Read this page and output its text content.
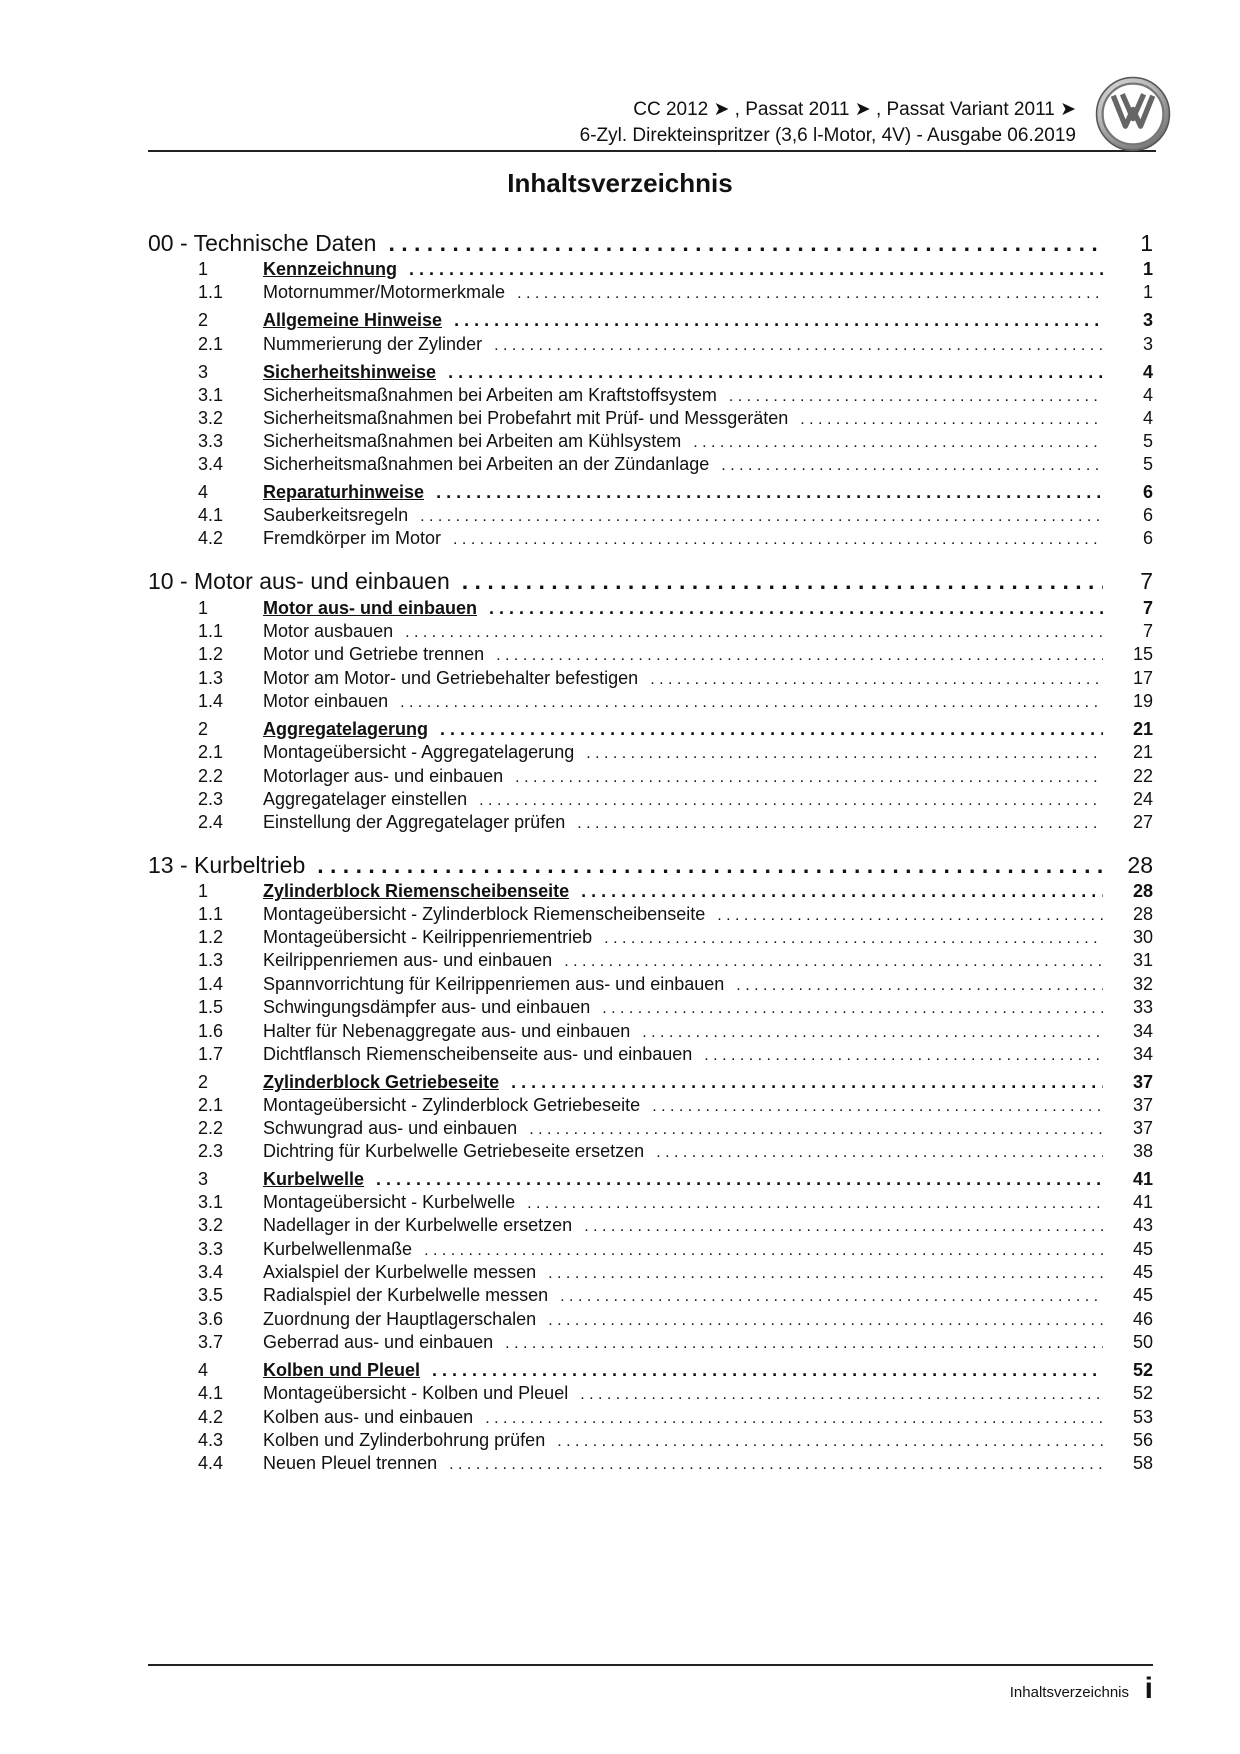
CC 2012 ➤ , Passat 2011 ➤ , Passat Variant 2011 ➤
6-Zyl. Direkteinspritzer (3,6 l-Motor, 4V) - Ausgabe 06.2019
Inhaltsverzeichnis
00 - Technische Daten . . .	1
1	Kennzeichnung . . .	1
1.1	Motornummer/Motormerkmale . . .	1
2	Allgemeine Hinweise . . .	3
2.1	Nummerierung der Zylinder . . .	3
3	Sicherheitshinweise . . .	4
3.1	Sicherheitsmaßnahmen bei Arbeiten am Kraftstoffsystem . . .	4
3.2	Sicherheitsmaßnahmen bei Probefahrt mit Prüf- und Messgeräten . . .	4
3.3	Sicherheitsmaßnahmen bei Arbeiten am Kühlsystem . . .	5
3.4	Sicherheitsmaßnahmen bei Arbeiten an der Zündanlage . . .	5
4	Reparaturhinweise . . .	6
4.1	Sauberkeitsregeln . . .	6
4.2	Fremdkörper im Motor . . .	6
10 - Motor aus- und einbauen . . .	7
1	Motor aus- und einbauen . . .	7
1.1	Motor ausbauen . . .	7
1.2	Motor und Getriebe trennen . . .	15
1.3	Motor am Motor- und Getriebehalter befestigen . . .	17
1.4	Motor einbauen . . .	19
2	Aggregatelagerung . . .	21
2.1	Montageübersicht - Aggregatelagerung . . .	21
2.2	Motorlager aus- und einbauen . . .	22
2.3	Aggregatelager einstellen . . .	24
2.4	Einstellung der Aggregatelager prüfen . . .	27
13 - Kurbeltrieb . . .	28
1	Zylinderblock Riemenscheibenseite . . .	28
1.1	Montageübersicht - Zylinderblock Riemenscheibenseite . . .	28
1.2	Montageübersicht - Keilrippenriementrieb . . .	30
1.3	Keilrippenriemen aus- und einbauen . . .	31
1.4	Spannvorrichtung für Keilrippenriemen aus- und einbauen . . .	32
1.5	Schwingungsdämpfer aus- und einbauen . . .	33
1.6	Halter für Nebenaggregate aus- und einbauen . . .	34
1.7	Dichtflansch Riemenscheibenseite aus- und einbauen . . .	34
2	Zylinderblock Getriebeseite . . .	37
2.1	Montageübersicht - Zylinderblock Getriebeseite . . .	37
2.2	Schwungrad aus- und einbauen . . .	37
2.3	Dichtring für Kurbelwelle Getriebeseite ersetzen . . .	38
3	Kurbelwelle . . .	41
3.1	Montageübersicht - Kurbelwelle . . .	41
3.2	Nadellager in der Kurbelwelle ersetzen . . .	43
3.3	Kurbelwellenmaße . . .	45
3.4	Axialspiel der Kurbelwelle messen . . .	45
3.5	Radialspiel der Kurbelwelle messen . . .	45
3.6	Zuordnung der Hauptlagerschalen . . .	46
3.7	Geberrad aus- und einbauen . . .	50
4	Kolben und Pleuel . . .	52
4.1	Montageübersicht - Kolben und Pleuel . . .	52
4.2	Kolben aus- und einbauen . . .	53
4.3	Kolben und Zylinderbohrung prüfen . . .	56
4.4	Neuen Pleuel trennen . . .	58
Inhaltsverzeichnis i
